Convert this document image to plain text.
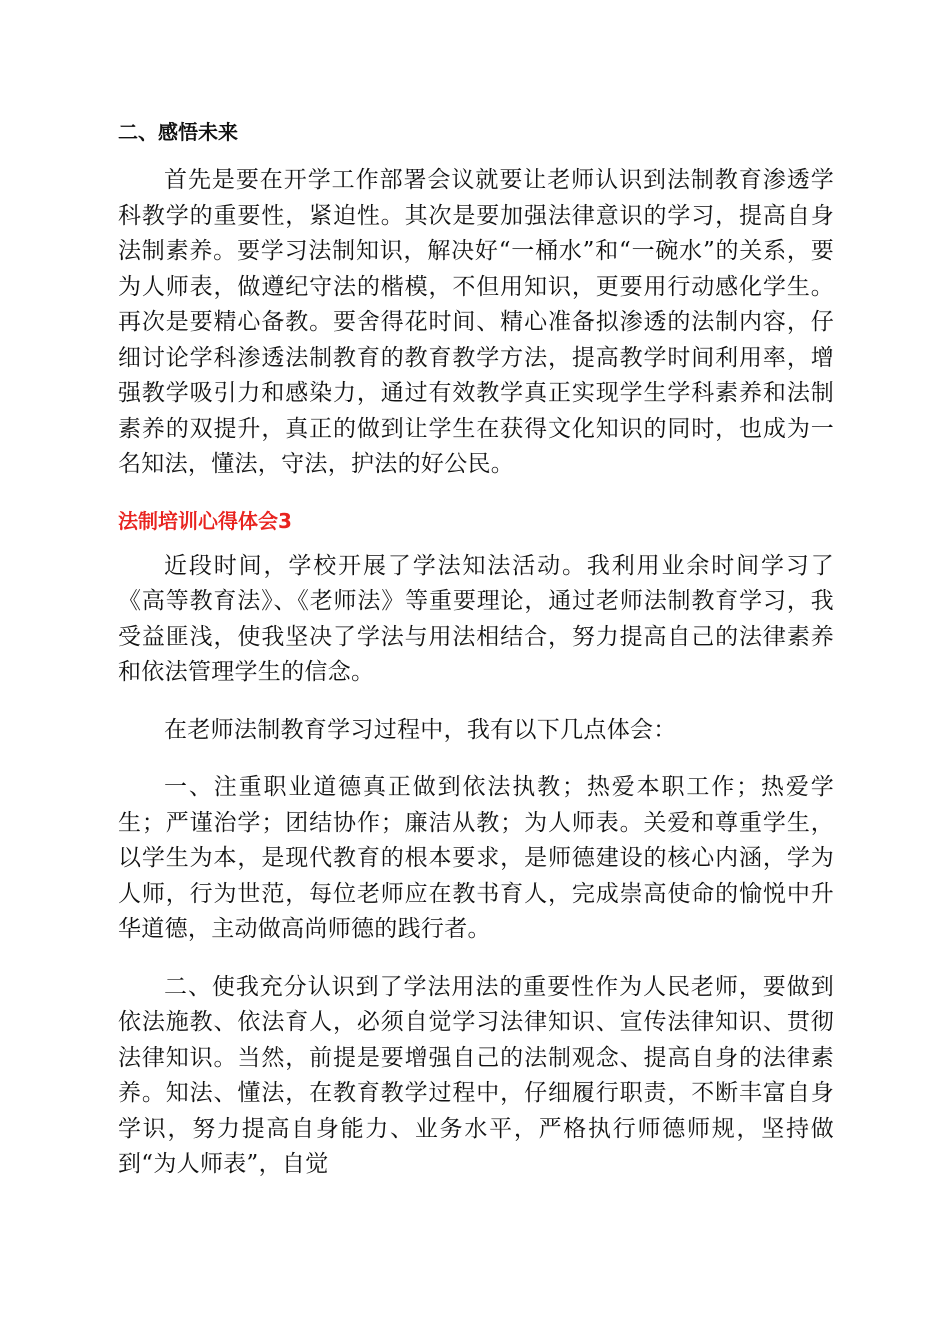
二、感悟未来

首先是要在开学工作部署会议就要让老师认识到法制教育渗透学科教学的重要性，紧迫性。其次是要加强法律意识的学习，提高自身法制素养。要学习法制知识，解决好“一桶水”和“一碗水”的关系，要为人师表，做遵纪守法的楷模，不但用知识，更要用行动感化学生。再次是要精心备教。要舍得花时间、精心准备拟渗透的法制内容，仔细讨论学科渗透法制教育的教育教学方法，提高教学时间利用率，增强教学吸引力和感染力，通过有效教学真正实现学生学科素养和法制素养的双提升，真正的做到让学生在获得文化知识的同时，也成为一名知法，懂法，守法，护法的好公民。

法制培训心得体会3

近段时间，学校开展了学法知法活动。我利用业余时间学习了《高等教育法》、《老师法》等重要理论，通过老师法制教育学习，我受益匪浅，使我坚决了学法与用法相结合，努力提高自己的法律素养和依法管理学生的信念。

在老师法制教育学习过程中，我有以下几点体会：

一、注重职业道德真正做到依法执教；热爱本职工作；热爱学生；严谨治学；团结协作；廉洁从教；为人师表。关爱和尊重学生，以学生为本，是现代教育的根本要求，是师德建设的核心内涵，学为人师，行为世范，每位老师应在教书育人，完成崇高使命的愉悦中升华道德，主动做高尚师德的践行者。

二、使我充分认识到了学法用法的重要性作为人民老师，要做到依法施教、依法育人，必须自觉学习法律知识、宣传法律知识、贯彻法律知识。当然，前提是要增强自己的法制观念、提高自身的法律素养。知法、懂法，在教育教学过程中，仔细履行职责，不断丰富自身学识，努力提高自身能力、业务水平，严格执行师德师规，坚持做到“为人师表”，自觉
